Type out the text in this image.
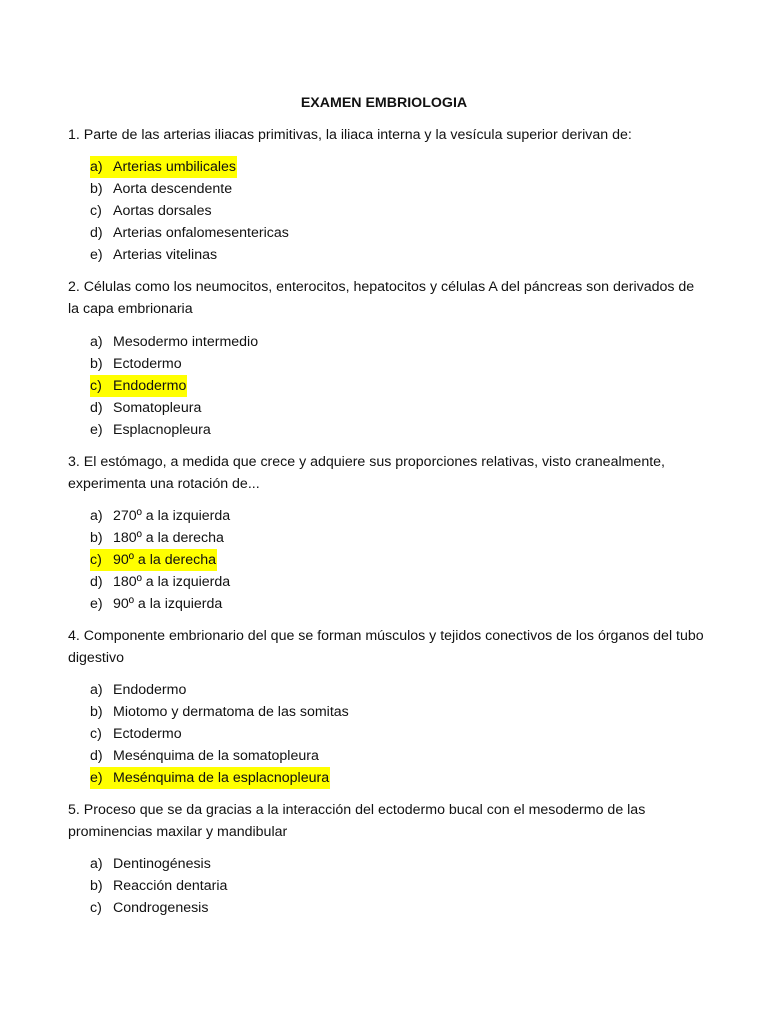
EXAMEN EMBRIOLOGIA
1. Parte de las arterias iliacas primitivas, la iliaca interna y la vesícula superior derivan de:
a) Arterias umbilicales
b) Aorta descendente
c) Aortas dorsales
d) Arterias onfalomesentericas
e) Arterias vitelinas
2. Células como los neumocitos, enterocitos, hepatocitos y células A del páncreas son derivados de la capa embrionaria
a) Mesodermo intermedio
b) Ectodermo
c) Endodermo
d) Somatopleura
e) Esplacnopleura
3. El estómago, a medida que crece y adquiere sus proporciones relativas, visto cranealmente, experimenta una rotación de...
a) 270º a la izquierda
b) 180º a la derecha
c) 90º a la derecha
d) 180º a la izquierda
e) 90º a la izquierda
4. Componente embrionario del que se forman músculos y tejidos conectivos de los órganos del tubo digestivo
a) Endodermo
b) Miotomo y dermatoma de las somitas
c) Ectodermo
d) Mesénquima de la somatopleura
e) Mesénquima de la esplacnopleura
5. Proceso que se da gracias a la interacción del ectodermo bucal con el mesodermo de las prominencias maxilar y mandibular
a) Dentinogénesis
b) Reacción dentaria
c) Condrogenesis
